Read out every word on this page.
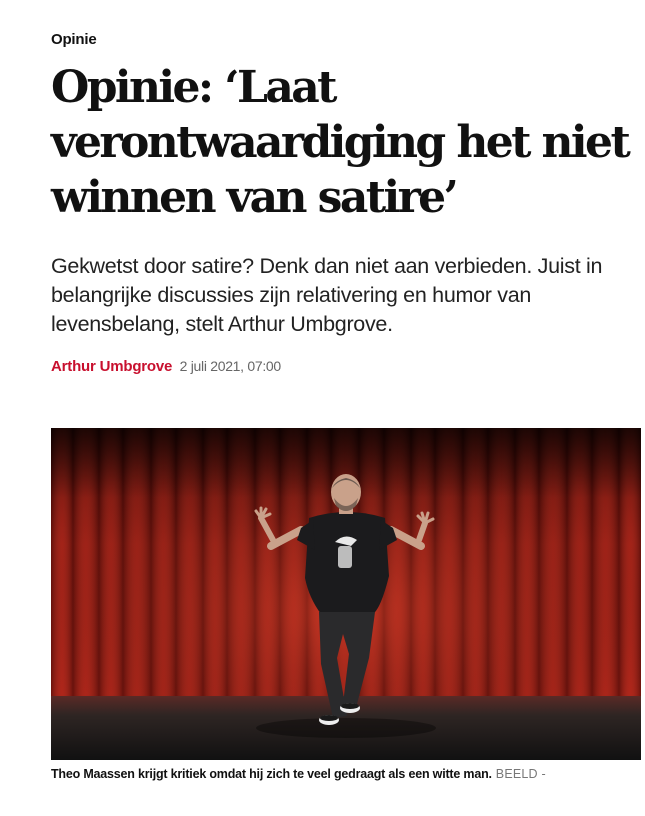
Opinie
Opinie: ‘Laat verontwaardiging het niet winnen van satire’

Gekwetst door satire? Denk dan niet aan verbieden. Juist in belangrijke discussies zijn relativering en humor van levensbelang, stelt Arthur Umbgrove.

Arthur Umbgrove 2 juli 2021, 07:00
Theo Maassen krijgt kritiek omdat hij zich te veel gedraagt als een witte man. BEELD -
